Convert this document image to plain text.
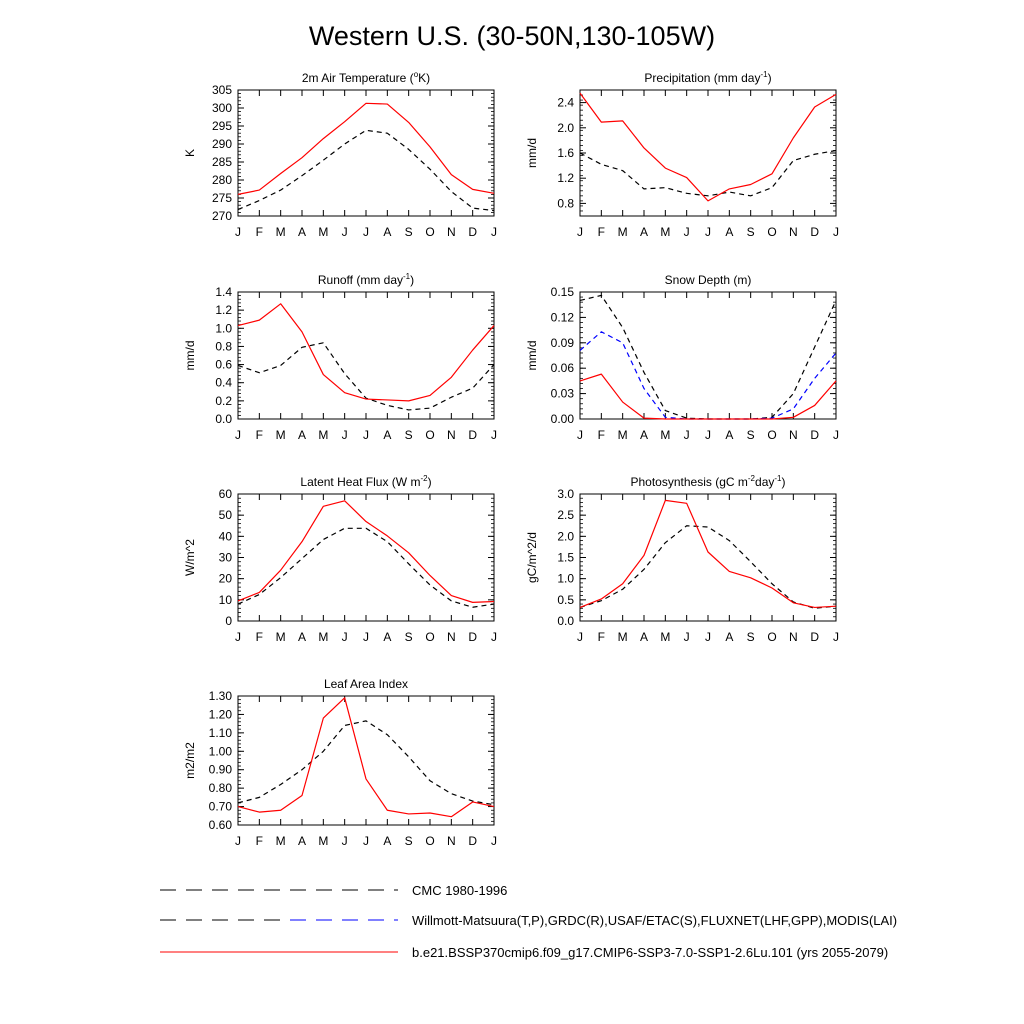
Western U.S. (30-50N,130-105W)
2m Air Temperature ($^o$K)
K
270
275
280
285
290
295
300
305
J F M A M J J A S O N D J
Precipitation (mm day$^{-1}$)
mm/d
0.8
1.2
1.6
2.0
2.4
J F M A M J J A S O N D J
Runoff (mm day$^{-1}$)
mm/d
0.0
0.2
0.4
0.6
0.8
1.0
1.2
1.4
J F M A M J J A S O N D J
Snow Depth (m)
mm/d
0.00
0.03
0.06
0.09
0.12
0.15
J F M A M J J A S O N D J
Latent Heat Flux (W $m^{-2}$)
W/m^2
0
10
20
30
40
50
60
J F M A M J J A S O N D J
Photosynthesis (gC $m^{-2}day^{-1}$)
gC/m^2/d
0.0
0.5
1.0
1.5
2.0
2.5
3.0
J F M A M J J A S O N D J
Leaf Area Index
m2/m2
0.60
0.70
0.80
0.90
1.00
1.10
1.20
1.30
J F M A M J J A S O N D J
CMC 1980-1996
Willmott-Matsuura(T,P),GRDC(R),USAF/ETAC(S),FLUXNET(LHF,GPP),MODIS(LAI)
b.e21.BSSP370cmip6.f09_g17.CMIP6-SSP3-7.0-SSP1-2.6Lu.101 (yrs 2055-2079)
